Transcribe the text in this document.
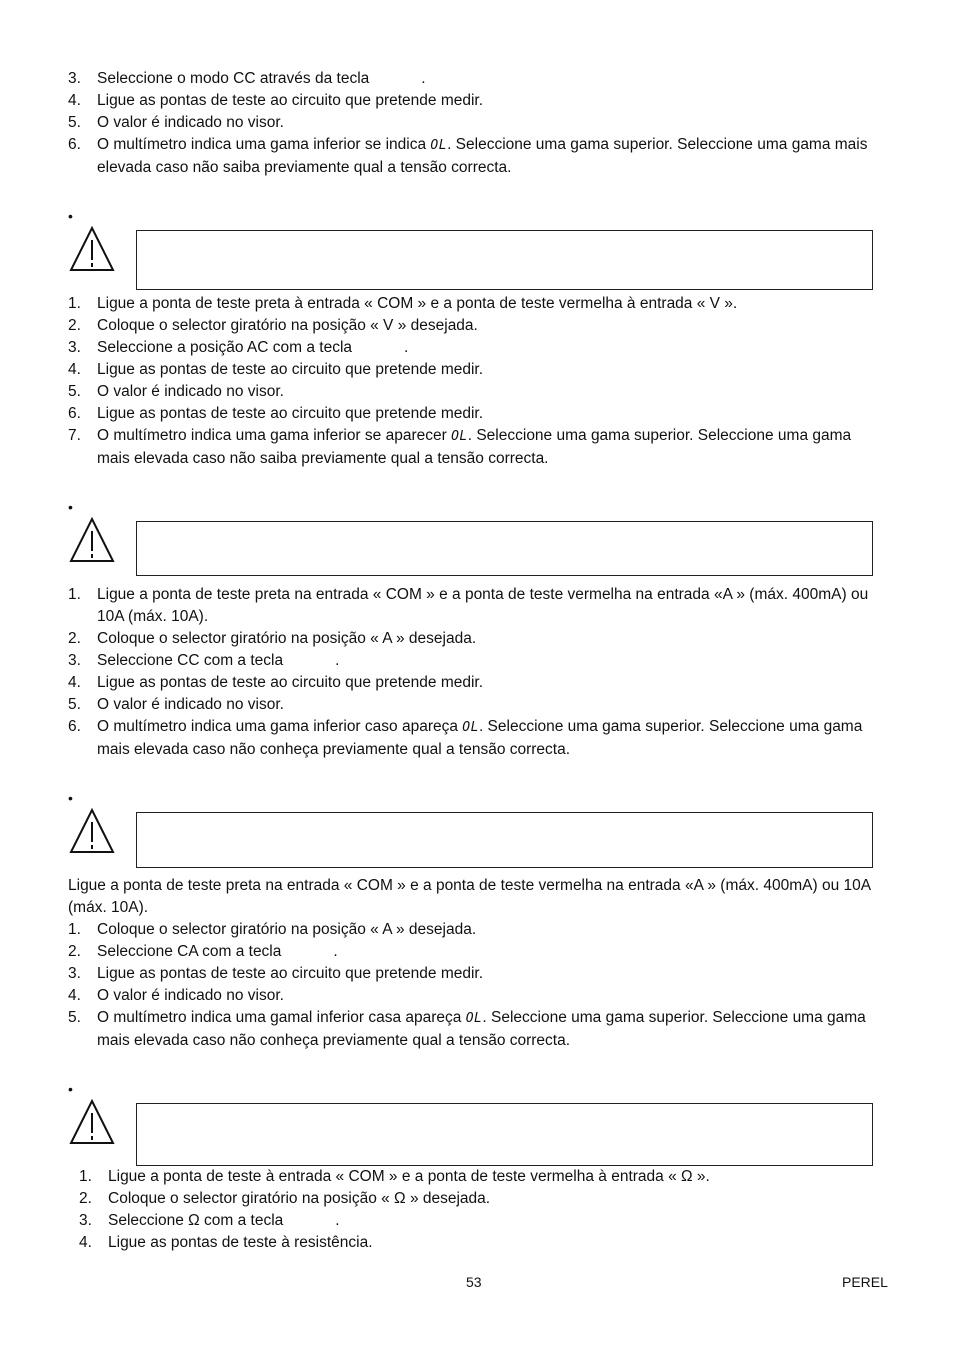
3. Seleccione o modo CC através da tecla	.
4. Ligue as pontas de teste ao circuito que pretende medir.
5. O valor é indicado no visor.
6. O multímetro indica uma gama inferior se indica OL. Seleccione uma gama superior. Seleccione uma gama mais elevada caso não saiba previamente qual a tensão correcta.
•
1. Ligue a ponta de teste preta à entrada « COM » e a ponta de teste vermelha à entrada « V ».
2. Coloque o selector giratório na posição « V » desejada.
3. Seleccione a posição AC com a tecla	.
4. Ligue as pontas de teste ao circuito que pretende medir.
5. O valor é indicado no visor.
6. Ligue as pontas de teste ao circuito que pretende medir.
7. O multímetro indica uma gama inferior se aparecer OL. Seleccione uma gama superior. Seleccione uma gama mais elevada caso não saiba previamente qual a tensão correcta.
•
1. Ligue a ponta de teste preta na entrada « COM » e a ponta de teste vermelha na entrada «A » (máx. 400mA) ou 10A (máx. 10A).
2. Coloque o selector giratório na posição « A » desejada.
3. Seleccione CC com a tecla	.
4. Ligue as pontas de teste ao circuito que pretende medir.
5. O valor é indicado no visor.
6. O multímetro indica uma gama inferior caso apareça OL. Seleccione uma gama superior. Seleccione uma gama mais elevada caso não conheça previamente qual a tensão correcta.
•
Ligue a ponta de teste preta na entrada « COM » e a ponta de teste vermelha na entrada «A » (máx. 400mA) ou 10A (máx. 10A).
1. Coloque o selector giratório na posição « A » desejada.
2. Seleccione CA com a tecla	.
3. Ligue as pontas de teste ao circuito que pretende medir.
4. O valor é indicado no visor.
5. O multímetro indica uma gamal inferior casa apareça OL. Seleccione uma gama superior. Seleccione uma gama mais elevada caso não conheça previamente qual a tensão correcta.
•
1. Ligue a ponta de teste à entrada « COM » e a ponta de teste vermelha à entrada « Ω ».
2. Coloque o selector giratório na posição « Ω » desejada.
3. Seleccione Ω com a tecla	.
4. Ligue as pontas de teste à resistência.
53	PEREL
